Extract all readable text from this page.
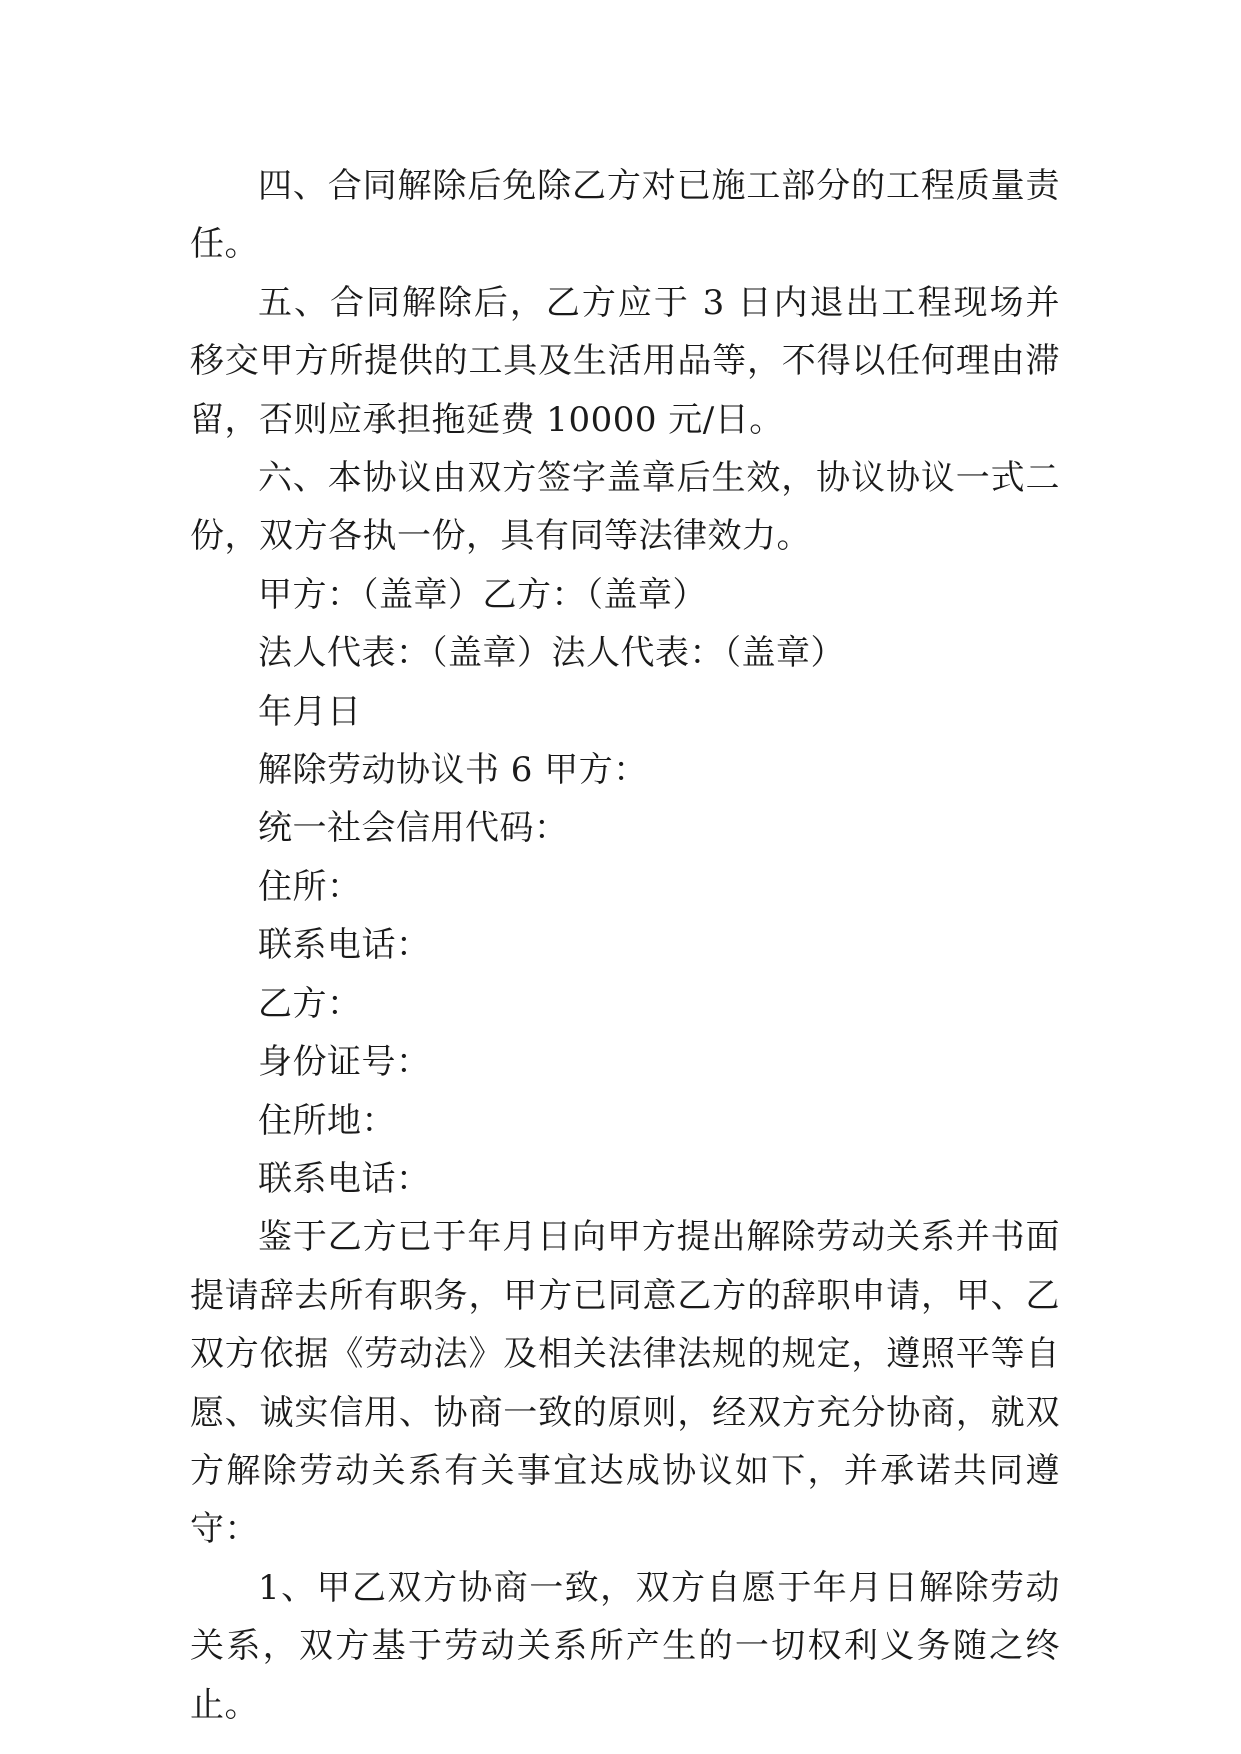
四、合同解除后免除乙方对已施工部分的工程质量责任。

五、合同解除后，乙方应于 3 日内退出工程现场并移交甲方所提供的工具及生活用品等，不得以任何理由滞留，否则应承担拖延费 10000 元/日。

六、本协议由双方签字盖章后生效，协议协议一式二份，双方各执一份，具有同等法律效力。

甲方：（盖章）乙方：（盖章）

法人代表：（盖章）法人代表：（盖章）

年月日

解除劳动协议书 6 甲方：

统一社会信用代码：

住所：

联系电话：

乙方：

身份证号：

住所地：

联系电话：

鉴于乙方已于年月日向甲方提出解除劳动关系并书面提请辞去所有职务，甲方已同意乙方的辞职申请，甲、乙双方依据《劳动法》及相关法律法规的规定，遵照平等自愿、诚实信用、协商一致的原则，经双方充分协商，就双方解除劳动关系有关事宜达成协议如下，并承诺共同遵守：

1、甲乙双方协商一致，双方自愿于年月日解除劳动关系，双方基于劳动关系所产生的一切权利义务随之终止。
